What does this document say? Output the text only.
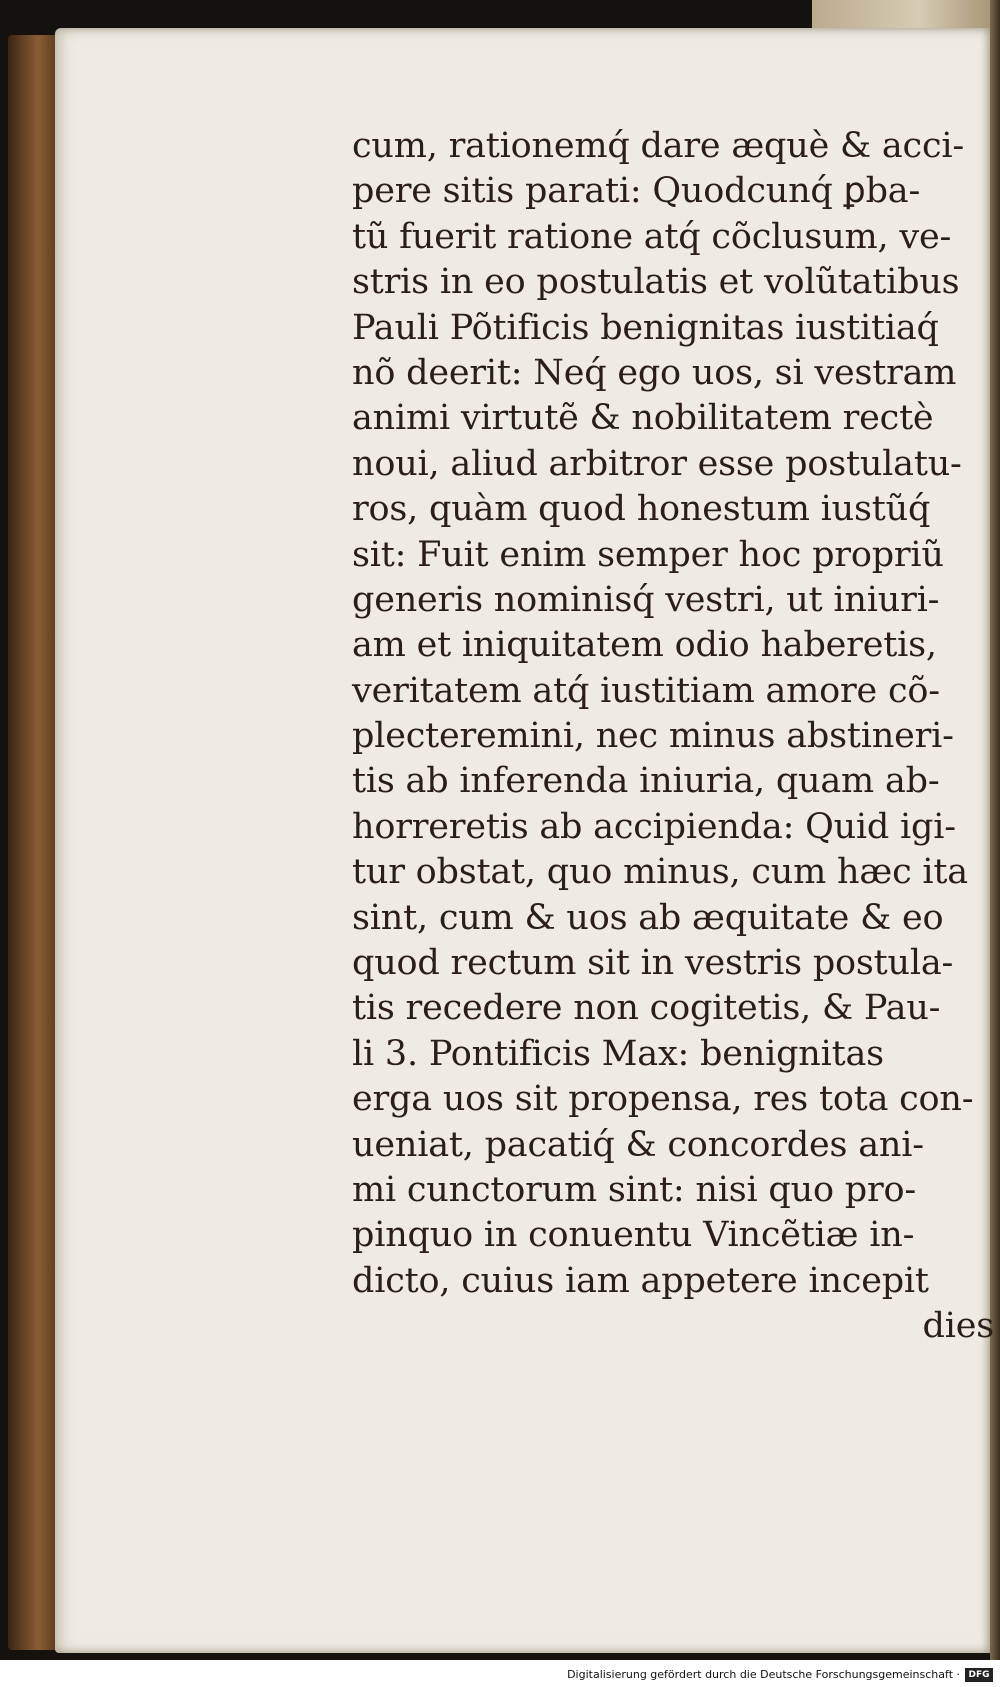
cum, rationemq́ dare æquè & acci-
pere sitis parati: Quodcunq́ ꝑba-
tũ fuerit ratione atq́ cõclusum, ve-
stris in eo postulatis et volũtatibus
Pauli Põtificis benignitas iustitiaq́
nõ deerit: Neq́ ego uos, si vestram
animi virtutẽ & nobilitatem rectè
noui, aliud arbitror esse postulatu-
ros, quàm quod honestum iustũq́
sit: Fuit enim semper hoc propriũ
generis nominisq́ vestri, ut iniuri-
am et iniquitatem odio haberetis,
veritatem atq́ iustitiam amore cõ-
plecteremini, nec minus abstineri-
tis ab inferenda iniuria, quam ab-
horreretis ab accipienda: Quid igi-
tur obstat, quo minus, cum hæc ita
sint, cum & uos ab æquitate & eo
quod rectum sit in vestris postula-
tis recedere non cogitetis, & Pau-
li 3. Pontificis Max: benignitas
erga uos sit propensa, res tota con-
ueniat, pacatiq́ & concordes ani-
mi cunctorum sint: nisi quo pro-
pinquo in conuentu Vincẽtiæ in-
dicto, cuius iam appetere incepit
dies
Digitalisierung gefördert durch die Deutsche Forschungsgemeinschaft · DFG
